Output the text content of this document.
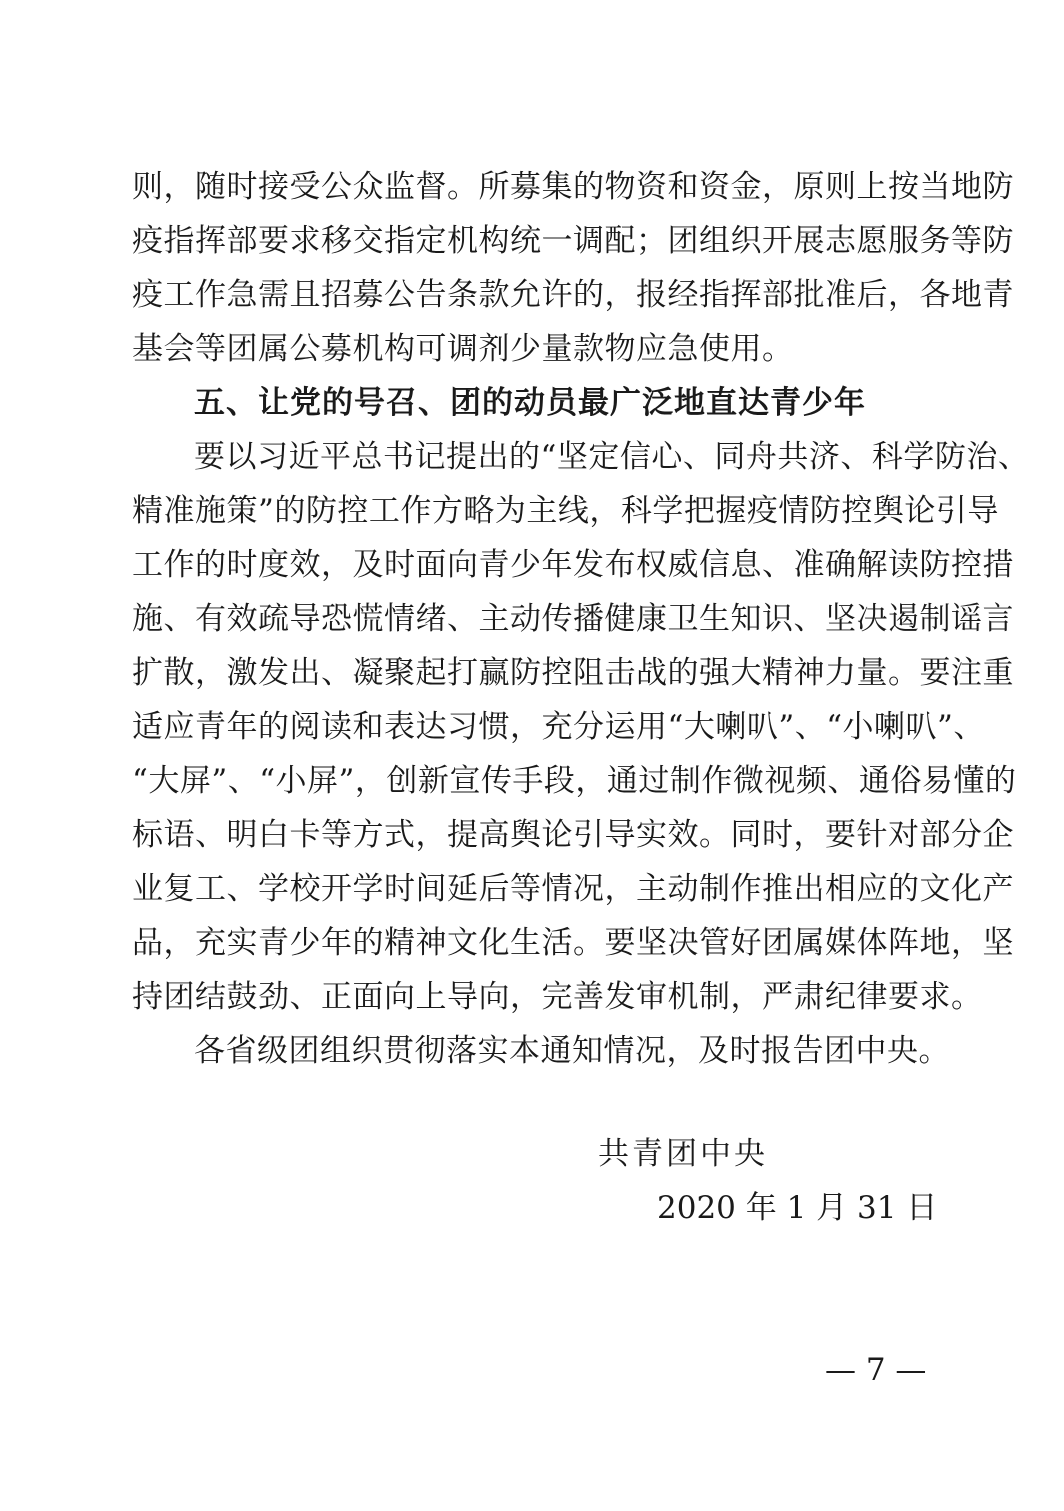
则，随时接受公众监督。所募集的物资和资金，原则上按当地防
疫指挥部要求移交指定机构统一调配；团组织开展志愿服务等防
疫工作急需且招募公告条款允许的，报经指挥部批准后，各地青
基会等团属公募机构可调剂少量款物应急使用。
五、让党的号召、团的动员最广泛地直达青少年
要以习近平总书记提出的“坚定信心、同舟共济、科学防治、
精准施策”的防控工作方略为主线，科学把握疫情防控舆论引导
工作的时度效，及时面向青少年发布权威信息、准确解读防控措
施、有效疏导恐慌情绪、主动传播健康卫生知识、坚决遏制谣言
扩散，激发出、凝聚起打赢防控阻击战的强大精神力量。要注重
适应青年的阅读和表达习惯，充分运用“大喇叭”、“小喇叭”、
“大屏”、“小屏”，创新宣传手段，通过制作微视频、通俗易懂的
标语、明白卡等方式，提高舆论引导实效。同时，要针对部分企
业复工、学校开学时间延后等情况，主动制作推出相应的文化产
品，充实青少年的精神文化生活。要坚决管好团属媒体阵地，坚
持团结鼓劲、正面向上导向，完善发审机制，严肃纪律要求。
各省级团组织贯彻落实本通知情况，及时报告团中央。
共青团中央
2020 年 1 月 31 日
— 7 —
